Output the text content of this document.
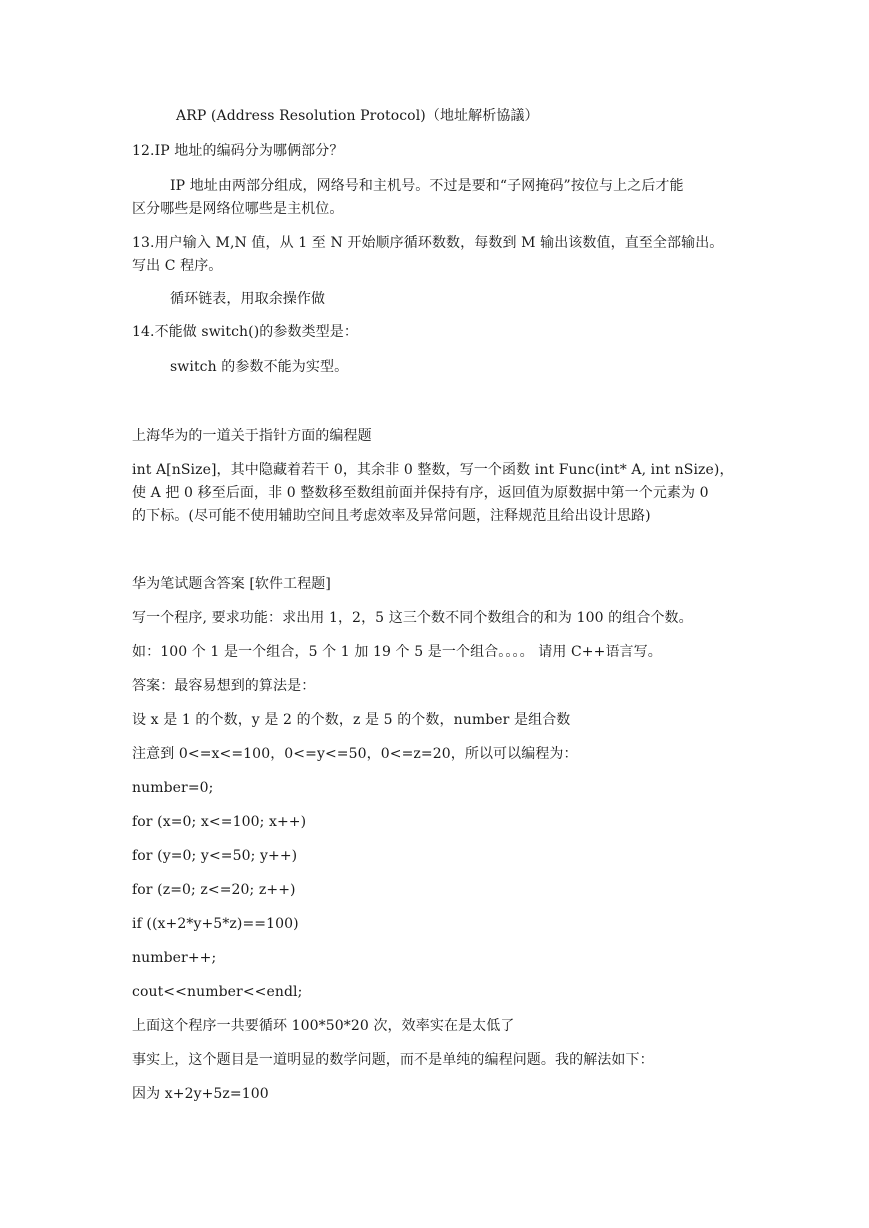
ARP (Address Resolution Protocol)（地址解析協議）
12.IP 地址的编码分为哪俩部分？
IP 地址由两部分组成，网络号和主机号。不过是要和“子网掩码”按位与上之后才能
区分哪些是网络位哪些是主机位。
13.用户输入 M,N 值，从 1 至 N 开始顺序循环数数，每数到 M 输出该数值，直至全部输出。
写出 C 程序。
循环链表，用取余操作做
14.不能做 switch()的参数类型是：
switch 的参数不能为实型。
上海华为的一道关于指针方面的编程题
int A[nSize]，其中隐藏着若干 0，其余非 0 整数，写一个函数 int Func(int* A, int nSize)，
使 A 把 0 移至后面，非 0 整数移至数组前面并保持有序，返回值为原数据中第一个元素为 0
的下标。(尽可能不使用辅助空间且考虑效率及异常问题，注释规范且给出设计思路)
华为笔试题含答案 [软件工程题]
写一个程序, 要求功能：求出用 1，2，5 这三个数不同个数组合的和为 100 的组合个数。
如：100 个 1 是一个组合，5 个 1 加 19 个 5 是一个组合。。。。 请用 C++语言写。
答案：最容易想到的算法是：
设 x 是 1 的个数，y 是 2 的个数，z 是 5 的个数，number 是组合数
注意到 0<=x<=100，0<=y<=50，0<=z=20，所以可以编程为：
number=0;
for (x=0; x<=100; x++)
for (y=0; y<=50; y++)
for (z=0; z<=20; z++)
if ((x+2*y+5*z)==100)
number++;
cout<<number<<endl;
上面这个程序一共要循环 100*50*20 次，效率实在是太低了
事实上，这个题目是一道明显的数学问题，而不是单纯的编程问题。我的解法如下：
因为 x+2y+5z=100
